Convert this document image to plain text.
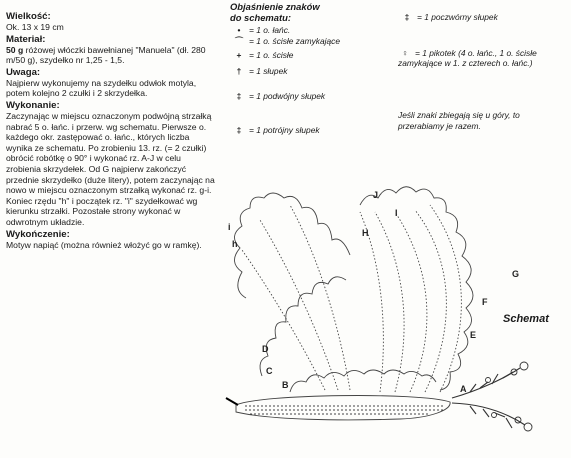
Wielkość:

Ok. 13 x 19 cm

Materiał:

50 g różowej włóczki bawełnianej "Manuela" (dł. 280 m/50 g), szydełko nr 1,25 - 1,5.

Uwaga:

Najpierw wykonujemy na szydełku odwłok motyla, potem kolejno 2 czułki i 2 skrzydełka.

Wykonanie:

Zaczynając w miejscu oznaczonym podwójną strzałką nabrać 5 o. łańc. i przerw. wg schematu. Pierwsze o. każdego okr. zastępować o. łańc., których liczba wynika ze schematu. Po zrobieniu 13. rz. (= 2 czułki) obrócić robótkę o 90° i wykonać rz. A-J w celu zrobienia skrzydełek. Od G najpierw zakończyć przednie skrzydełko (duże litery), potem zaczynając na nowo w miejscu oznaczonym strzałką wykonać rz. g-i. Koniec rzędu "h" i początek rz. "i" szydełkować wg kierunku strzałki. Pozostałe strony wykonać w odwrotnym układzie.

Wykończenie:

Motyw napiąć (można również włożyć go w ramkę).

Objaśnienie znaków
do schematu:
• = 1 o. łańc.
⌒ = 1 o. ścisłe zamykające
+ = 1 o. ścisłe
† = 1 słupek
‡ = 1 podwójny słupek
‡ = 1 potrójny słupek
‡ = 1 poczwórny słupek
♀ = 1 pikotek (4 o. łańc., 1 o. ścisłe zamykające w 1. z czterech o. łańc.)
Jeśli znaki zbiegają się u góry, to przerabiamy je razem.
A
B
C
D
E
F
G
H
I
J
h
i
Schemat
